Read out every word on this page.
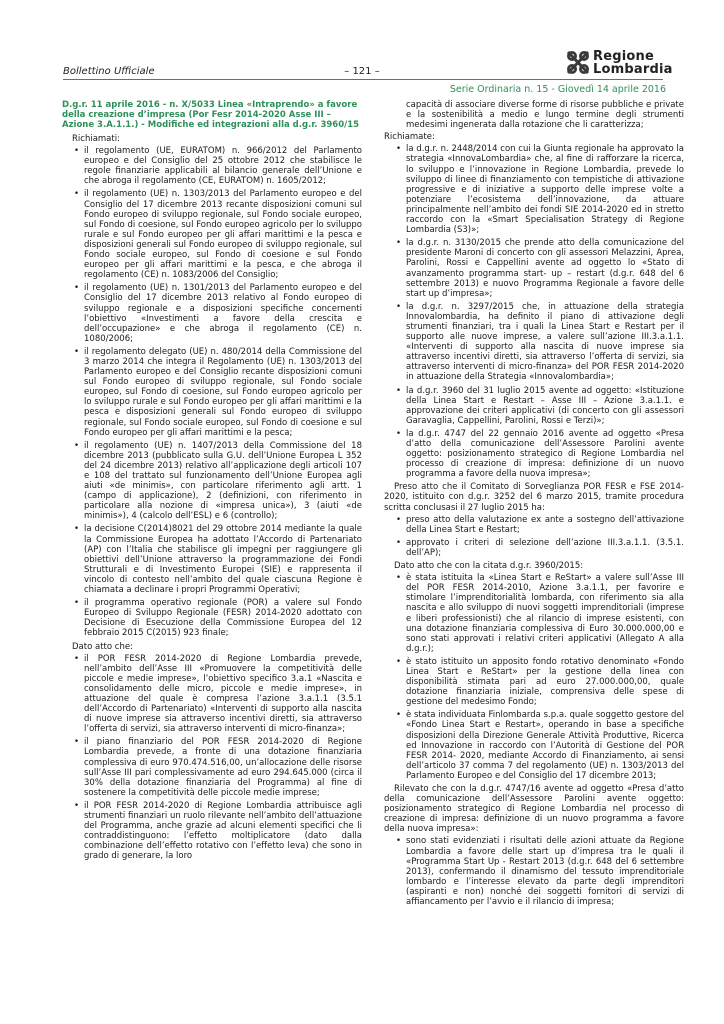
Bollettino Ufficiale	– 121 –
Regione
Lombardia
Serie Ordinaria n. 15 - Giovedì 14 aprile 2016
D.g.r. 11 aprile 2016 - n. X/5033 Linea «Intraprendo» a favore della creazione d’impresa (Por Fesr 2014-2020 Asse III – Azione 3.A.1.1.) - Modifiche ed integrazioni alla d.g.r. 3960/15
Richiamati:
• il regolamento (UE, EURATOM) n. 966/2012 del Parlamento europeo e del Consiglio del 25 ottobre 2012 che stabilisce le regole finanziarie applicabili al bilancio generale dell’Unione e che abroga il regolamento (CE, EURATOM) n. 1605/2012;
• il regolamento (UE) n. 1303/2013 del Parlamento europeo e del Consiglio del 17 dicembre 2013 recante disposizioni comuni sul Fondo europeo di sviluppo regionale, sul Fondo sociale europeo, sul Fondo di coesione, sul Fondo europeo agricolo per lo sviluppo rurale e sul Fondo europeo per gli affari marittimi e la pesca e disposizioni generali sul Fondo europeo di sviluppo regionale, sul Fondo sociale europeo, sul Fondo di coesione e sul Fondo europeo per gli affari marittimi e la pesca, e che abroga il regolamento (CE) n. 1083/2006 del Consiglio;
• il regolamento (UE) n. 1301/2013 del Parlamento europeo e del Consiglio del 17 dicembre 2013 relativo al Fondo europeo di sviluppo regionale e a disposizioni specifiche concernenti l’obiettivo «Investimenti a favore della crescita e dell’occupazione» e che abroga il regolamento (CE) n. 1080/2006;
• il regolamento delegato (UE) n. 480/2014 della Commissione del 3 marzo 2014 che integra il Regolamento (UE) n. 1303/2013 del Parlamento europeo e del Consiglio recante disposizioni comuni sul Fondo europeo di sviluppo regionale, sul Fondo sociale europeo, sul Fondo di coesione, sul Fondo europeo agricolo per lo sviluppo rurale e sul Fondo europeo per gli affari marittimi e la pesca e disposizioni generali sul Fondo europeo di sviluppo regionale, sul Fondo sociale europeo, sul Fondo di coesione e sul Fondo europeo per gli affari marittimi e la pesca;
• il regolamento (UE) n. 1407/2013 della Commissione del 18 dicembre 2013 (pubblicato sulla G.U. dell’Unione Europea L 352 del 24 dicembre 2013) relativo all’applicazione degli articoli 107 e 108 del trattato sul funzionamento dell’Unione Europea agli aiuti «de minimis», con particolare riferimento agli artt. 1 (campo di applicazione), 2 (definizioni, con riferimento in particolare alla nozione di «impresa unica»), 3 (aiuti «de minimis»), 4 (calcolo dell’ESL) e 6 (controllo);
• la decisione C(2014)8021 del 29 ottobre 2014 mediante la quale la Commissione Europea ha adottato l’Accordo di Partenariato (AP) con l’Italia che stabilisce gli impegni per raggiungere gli obiettivi dell’Unione attraverso la programmazione dei Fondi Strutturali e di Investimento Europei (SIE) e rappresenta il vincolo di contesto nell’ambito del quale ciascuna Regione è chiamata a declinare i propri Programmi Operativi;
• il programma operativo regionale (POR) a valere sul Fondo Europeo di Sviluppo Regionale (FESR) 2014-2020 adottato con Decisione di Esecuzione della Commissione Europea del 12 febbraio 2015 C(2015) 923 finale;
Dato atto che:
• il POR FESR 2014-2020 di Regione Lombardia prevede, nell’ambito dell’Asse III «Promuovere la competitività delle piccole e medie imprese», l’obiettivo specifico 3.a.1 «Nascita e consolidamento delle micro, piccole e medie imprese», in attuazione del quale è compresa l’azione 3.a.1.1 (3.5.1 dell’Accordo di Partenariato) «Interventi di supporto alla nascita di nuove imprese sia attraverso incentivi diretti, sia attraverso l’offerta di servizi, sia attraverso interventi di micro-finanza»;
• il piano finanziario del POR FESR 2014-2020 di Regione Lombardia prevede, a fronte di una dotazione finanziaria complessiva di euro 970.474.516,00, un’allocazione delle risorse sull’Asse III pari complessivamente ad euro 294.645.000 (circa il 30% della dotazione finanziaria del Programma) al fine di sostenere la competitività delle piccole medie imprese;
• il POR FESR 2014-2020 di Regione Lombardia attribuisce agli strumenti finanziari un ruolo rilevante nell’ambito dell’attuazione del Programma, anche grazie ad alcuni elementi specifici che li contraddistinguono: l’effetto moltiplicatore (dato dalla combinazione dell’effetto rotativo con l’effetto leva) che sono in grado di generare, la loro
capacità di associare diverse forme di risorse pubbliche e private e la sostenibilità a medio e lungo termine degli strumenti medesimi ingenerata dalla rotazione che li caratterizza;
Richiamate:
• la d.g.r. n. 2448/2014 con cui la Giunta regionale ha approvato la strategia «InnovaLombardia» che, al fine di rafforzare la ricerca, lo sviluppo e l’innovazione in Regione Lombardia, prevede lo sviluppo di linee di finanziamento con tempistiche di attivazione progressive e di iniziative a supporto delle imprese volte a potenziare l’ecosistema dell’innovazione, da attuare principalmente nell’ambito dei fondi SIE 2014-2020 ed in stretto raccordo con la «Smart Specialisation Strategy di Regione Lombardia (S3)»;
• la d.g.r. n. 3130/2015 che prende atto della comunicazione del presidente Maroni di concerto con gli assessori Melazzini, Aprea, Parolini, Rossi e Cappellini avente ad oggetto lo «Stato di avanzamento programma start- up – restart (d.g.r. 648 del 6 settembre 2013) e nuovo Programma Regionale a favore delle start up d’impresa»;
• la d.g.r. n. 3297/2015 che, in attuazione della strategia Innovalombardia, ha definito il piano di attivazione degli strumenti finanziari, tra i quali la Linea Start e Restart per il supporto alle nuove imprese, a valere sull’azione III.3.a.1.1. «Interventi di supporto alla nascita di nuove imprese sia attraverso incentivi diretti, sia attraverso l’offerta di servizi, sia attraverso interventi di micro-finanza» del POR FESR 2014-2020 in attuazione della Strategia «Innovalombardia»;
• la d.g.r. 3960 del 31 luglio 2015 avente ad oggetto: «Istituzione della Linea Start e Restart – Asse III – Azione 3.a.1.1. e approvazione dei criteri applicativi (di concerto con gli assessori Garavaglia, Cappellini, Parolini, Rossi e Terzi)»;
• la d.g.r. 4747 del 22 gennaio 2016 avente ad oggetto «Presa d’atto della comunicazione dell’Assessore Parolini avente oggetto: posizionamento strategico di Regione Lombardia nel processo di creazione di impresa: definizione di un nuovo programma a favore della nuova impresa»;
Preso atto che il Comitato di Sorveglianza POR FESR e FSE 2014-2020, istituito con d.g.r. 3252 del 6 marzo 2015, tramite procedura scritta conclusasi il 27 luglio 2015 ha:
• preso atto della valutazione ex ante a sostegno dell’attivazione della Linea Start e Restart;
• approvato i criteri di selezione dell’azione III.3.a.1.1. (3.5.1. dell’AP);
Dato atto che con la citata d.g.r. 3960/2015:
• è stata istituita la «Linea Start e ReStart» a valere sull’Asse III del POR FESR 2014-2010, Azione 3.a.1.1, per favorire e stimolare l’imprenditorialità lombarda, con riferimento sia alla nascita e allo sviluppo di nuovi soggetti imprenditoriali (imprese e liberi professionisti) che al rilancio di imprese esistenti, con una dotazione finanziaria complessiva di Euro 30.000.000,00 e sono stati approvati i relativi criteri applicativi (Allegato A alla d.g.r.);
• è stato istituito un apposito fondo rotativo denominato «Fondo Linea Start e ReStart» per la gestione della linea con disponibilità stimata pari ad euro 27.000.000,00, quale dotazione finanziaria iniziale, comprensiva delle spese di gestione del medesimo Fondo;
• è stata individuata Finlombarda s.p.a. quale soggetto gestore del «Fondo Linea Start e Restart», operando in base a specifiche disposizioni della Direzione Generale Attività Produttive, Ricerca ed Innovazione in raccordo con l’Autorità di Gestione del POR FESR 2014- 2020, mediante Accordo di Finanziamento, ai sensi dell’articolo 37 comma 7 del regolamento (UE) n. 1303/2013 del Parlamento Europeo e del Consiglio del 17 dicembre 2013;
Rilevato che con la d.g.r. 4747/16 avente ad oggetto «Presa d’atto della comunicazione dell’Assessore Parolini avente oggetto: posizionamento strategico di Regione Lombardia nel processo di creazione di impresa: definizione di un nuovo programma a favore della nuova impresa»:
• sono stati evidenziati i risultati delle azioni attuate da Regione Lombardia a favore delle start up d’impresa tra le quali il «Programma Start Up - Restart 2013 (d.g.r. 648 del 6 settembre 2013), confermando il dinamismo del tessuto imprenditoriale lombardo e l’interesse elevato da parte degli imprenditori (aspiranti e non) nonché dei soggetti fornitori di servizi di affiancamento per l’avvio e il rilancio di impresa;
